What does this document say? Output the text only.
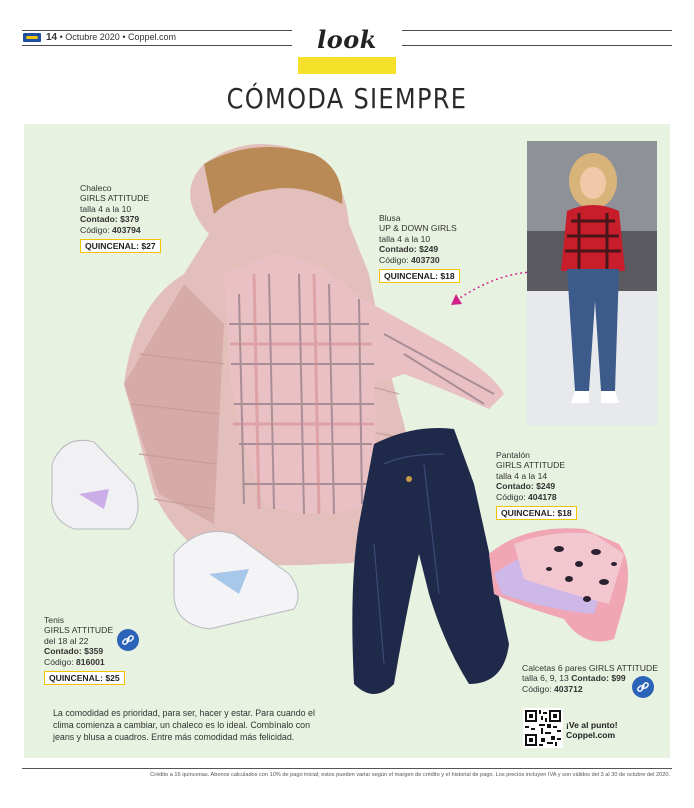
14 • Octubre 2020 • Coppel.com	look
CÓMODA SIEMPRE
Chaleco
GIRLS ATTITUDE
talla 4 a la 10
Contado: $379
Código: 403794
QUINCENAL: $27
Blusa
UP & DOWN GIRLS
talla 4 a la 10
Contado: $249
Código: 403730
QUINCENAL: $18
Pantalón
GIRLS ATTITUDE
talla 4 a la 14
Contado: $249
Código: 404178
QUINCENAL: $18
Tenis
GIRLS ATTITUDE
del 18 al 22
Contado: $359
Código: 816001
QUINCENAL: $25
Calcetas 6 pares GIRLS ATTITUDE
talla 6, 9, 13 Contado: $99
Código: 403712
La comodidad es prioridad, para ser, hacer y estar. Para cuando el clima comienza a cambiar, un chaleco es lo ideal. Combínalo con jeans y blusa a cuadros. Entre más comodidad más felicidad.
¡Ve al punto!
Coppel.com
Crédito a 16 quincenas. Abonos calculados con 10% de pago inicial; estos pueden variar según el margen de crédito y el historial de pago. Los precios incluyen IVA y son válidos del 3 al 30 de octubre del 2020.
